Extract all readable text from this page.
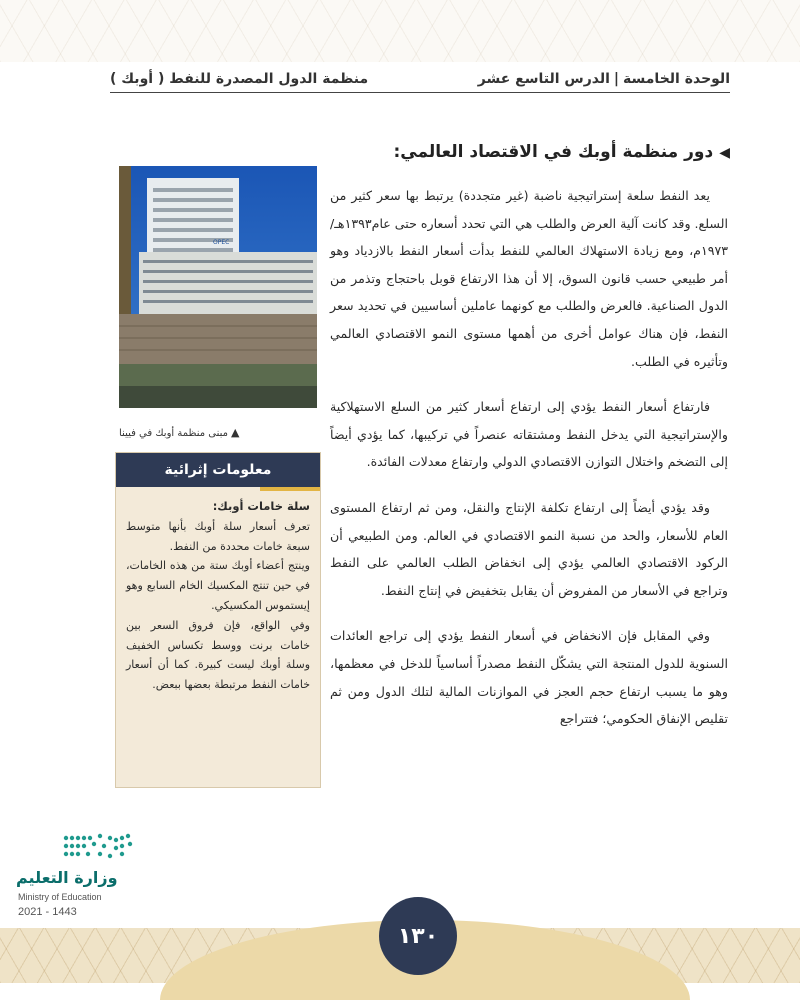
الوحدة الخامسة|الدرس التاسع عشر
منظمة الدول المصدرة للنفط ( أوبك )
◀دور منظمة أوبك في الاقتصاد العالمي:

يعد النفط سلعة إستراتيجية ناضبة (غير متجددة) يرتبط بها سعر كثير من السلع. وقد كانت آلية العرض والطلب هي التي تحدد أسعاره حتى عام١٣٩٣هـ/١٩٧٣م، ومع زيادة الاستهلاك العالمي للنفط بدأت أسعار النفط بالازدياد وهو أمر طبيعي حسب قانون السوق، إلا أن هذا الارتفاع قوبل باحتجاج وتذمر من الدول الصناعية. فالعرض والطلب مع كونهما عاملين أساسيين في تحديد سعر النفط، فإن هناك عوامل أخرى من أهمها مستوى النمو الاقتصادي العالمي وتأثيره في الطلب.

فارتفاع أسعار النفط يؤدي إلى ارتفاع أسعار كثير من السلع الاستهلاكية والإستراتيجية التي يدخل النفط ومشتقاته عنصراً في تركيبها، كما يؤدي أيضاً إلى التضخم واختلال التوازن الاقتصادي الدولي وارتفاع معدلات الفائدة.

وقد يؤدي أيضاً إلى ارتفاع تكلفة الإنتاج والنقل، ومن ثم ارتفاع المستوى العام للأسعار، والحد من نسبة النمو الاقتصادي في العالم. ومن الطبيعي أن الركود الاقتصادي العالمي يؤدي إلى انخفاض الطلب العالمي على النفط وتراجع في الأسعار من المفروض أن يقابل بتخفيض في إنتاج النفط.

وفي المقابل فإن الانخفاض في أسعار النفط يؤدي إلى تراجع العائدات السنوية للدول المنتجة التي يشكّل النفط مصدراً أساسياً للدخل في معظمها، وهو ما يسبب ارتفاع حجم العجز في الموازنات المالية لتلك الدول ومن ثم تقليص الإنفاق الحكومي؛ فتتراجع

OPEC
▲مبنى منظمة أوبك في فيينا
معلومات إثرائية
سلة خامات أوبك:

تعرف أسعار سلة أوبك بأنها متوسط سبعة خامات محددة من النفط.

وينتج أعضاء أوبك ستة من هذه الخامات، في حين تنتج المكسيك الخام السابع وهو إيستموس المكسيكي.

وفي الواقع، فإن فروق السعر بين خامات برنت ووسط تكساس الخفيف وسلة أوبك ليست كبيرة. كما أن أسعار خامات النفط مرتبطة بعضها ببعض.

وزارة التعليم
Ministry of Education
2021 - 1443
١٣٠
